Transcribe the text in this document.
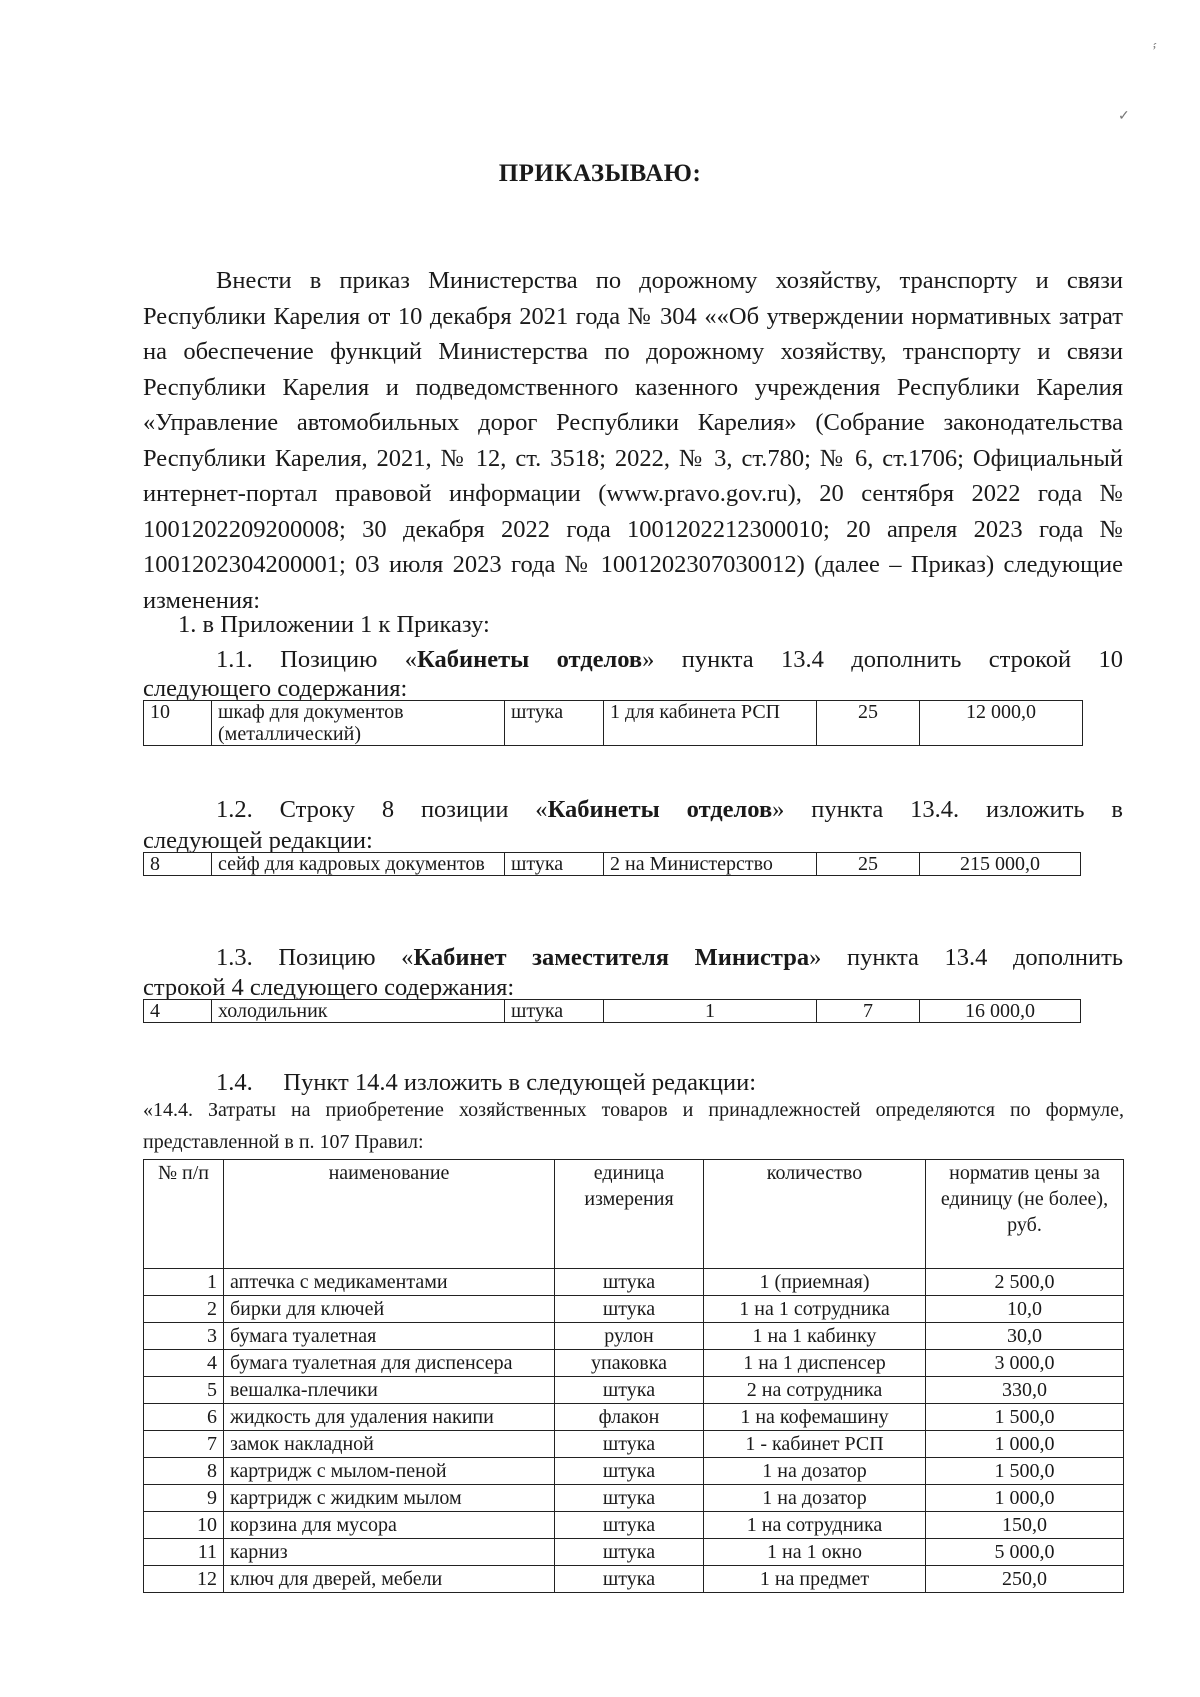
ʼ́
✓
ПРИКАЗЫВАЮ:

Внести в приказ Министерства по дорожному хозяйству, транспорту и связи Республики Карелия от 10 декабря 2021 года № 304 ««Об утверждении нормативных затрат на обеспечение функций Министерства по дорожному хозяйству, транспорту и связи Республики Карелия и подведомственного казенного учреждения Республики Карелия «Управление автомобильных дорог Республики Карелия» (Собрание законодательства Республики Карелия, 2021, № 12, ст. 3518; 2022, № 3, ст.780; № 6, ст.1706; Официальный интернет-портал правовой информации (www.pravo.gov.ru), 20 сентября 2022 года № 1001202209200008; 30 декабря 2022 года 1001202212300010; 20 апреля 2023 года № 1001202304200001; 03 июля 2023 года № 1001202307030012) (далее – Приказ) следующие изменения:

1. в Приложении 1 к Приказу:

1.1. Позицию «Кабинеты отделов» пункта 13.4 дополнить строкой 10

следующего содержания:

10	шкаф для документов (металлический)	штука	1 для кабинета РСП	25	12 000,0

1.2. Строку 8 позиции «Кабинеты отделов» пункта 13.4. изложить в

следующей редакции:

8	сейф для кадровых документов	штука	2 на Министерство	25	215 000,0

1.3. Позицию «Кабинет заместителя Министра» пункта 13.4 дополнить

строкой 4 следующего содержания:

4	холодильник	штука	1	7	16 000,0

1.4. Пункт 14.4 изложить в следующей редакции:

«14.4. Затраты на приобретение хозяйственных товаров и принадлежностей определяются по формуле, представленной в п. 107 Правил:

№ п/п	наименование	единица измерения	количество	норматив цены за единицу (не более), руб.
1	аптечка с медикаментами	штука	1 (приемная)	2 500,0
2	бирки для ключей	штука	1 на 1 сотрудника	10,0
3	бумага туалетная	рулон	1 на 1 кабинку	30,0
4	бумага туалетная для диспенсера	упаковка	1 на 1 диспенсер	3 000,0
5	вешалка-плечики	штука	2 на сотрудника	330,0
6	жидкость для удаления накипи	флакон	1 на кофемашину	1 500,0
7	замок накладной	штука	1 - кабинет РСП	1 000,0
8	картридж с мылом-пеной	штука	1 на дозатор	1 500,0
9	картридж с жидким мылом	штука	1 на дозатор	1 000,0
10	корзина для мусора	штука	1 на сотрудника	150,0
11	карниз	штука	1 на 1 окно	5 000,0
12	ключ для дверей, мебели	штука	1 на предмет	250,0
